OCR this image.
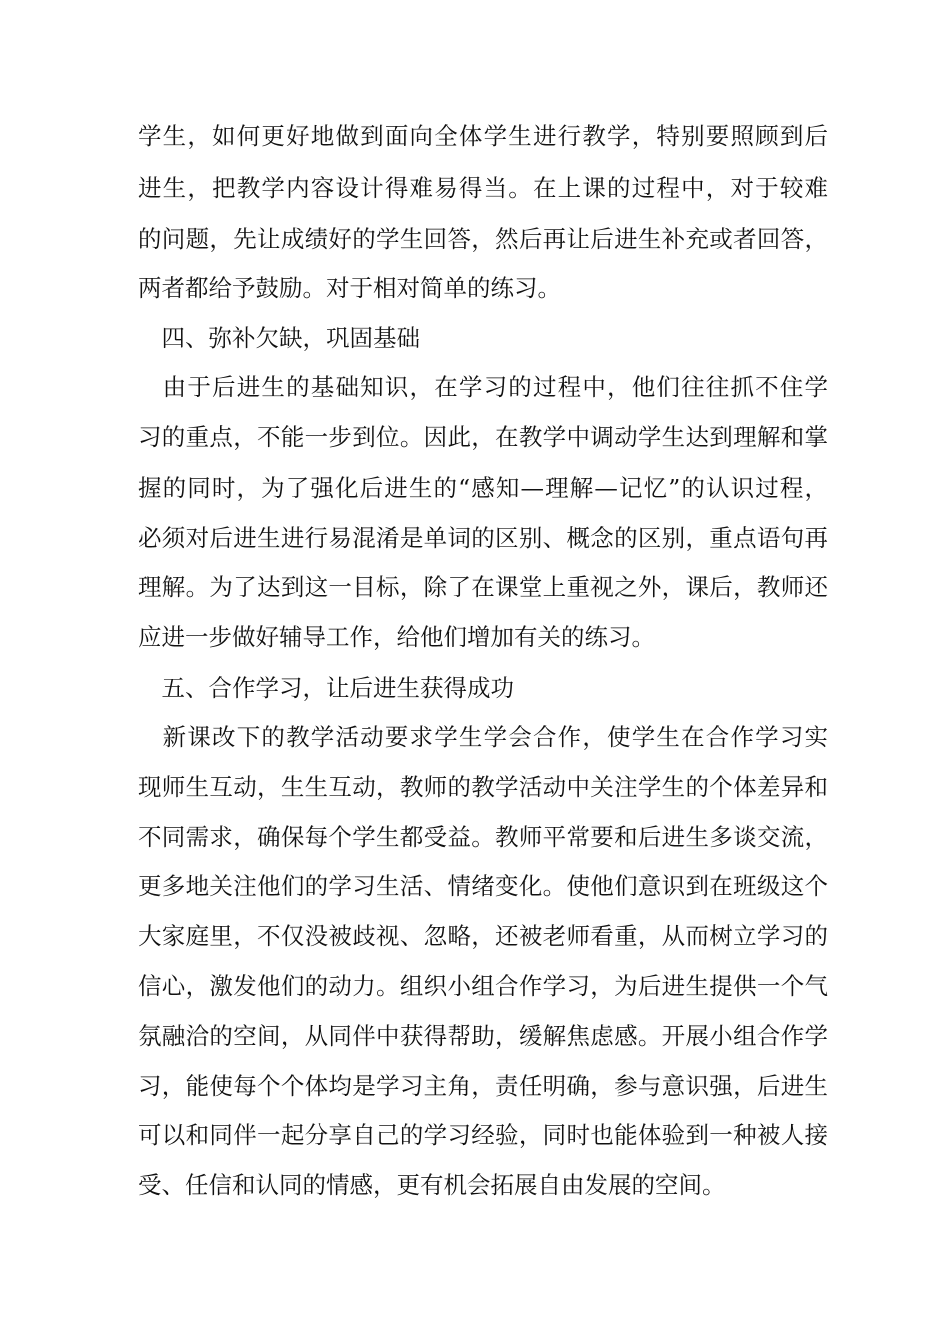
学生，如何更好地做到面向全体学生进行教学，特别要照顾到后
进生，把教学内容设计得难易得当。在上课的过程中，对于较难
的问题，先让成绩好的学生回答，然后再让后进生补充或者回答，
两者都给予鼓励。对于相对简单的练习。
　四、弥补欠缺，巩固基础
　由于后进生的基础知识，在学习的过程中，他们往往抓不住学
习的重点，不能一步到位。因此，在教学中调动学生达到理解和掌
握的同时，为了强化后进生的“感知—理解—记忆”的认识过程，
必须对后进生进行易混淆是单词的区别、概念的区别，重点语句再
理解。为了达到这一目标，除了在课堂上重视之外，课后，教师还
应进一步做好辅导工作，给他们增加有关的练习。
　五、合作学习，让后进生获得成功
　新课改下的教学活动要求学生学会合作，使学生在合作学习实
现师生互动，生生互动，教师的教学活动中关注学生的个体差异和
不同需求，确保每个学生都受益。教师平常要和后进生多谈交流，
更多地关注他们的学习生活、情绪变化。使他们意识到在班级这个
大家庭里，不仅没被歧视、忽略，还被老师看重，从而树立学习的
信心，激发他们的动力。组织小组合作学习，为后进生提供一个气
氛融洽的空间，从同伴中获得帮助，缓解焦虑感。开展小组合作学
习，能使每个个体均是学习主角，责任明确，参与意识强，后进生
可以和同伴一起分享自己的学习经验，同时也能体验到一种被人接
受、任信和认同的情感，更有机会拓展自由发展的空间。
